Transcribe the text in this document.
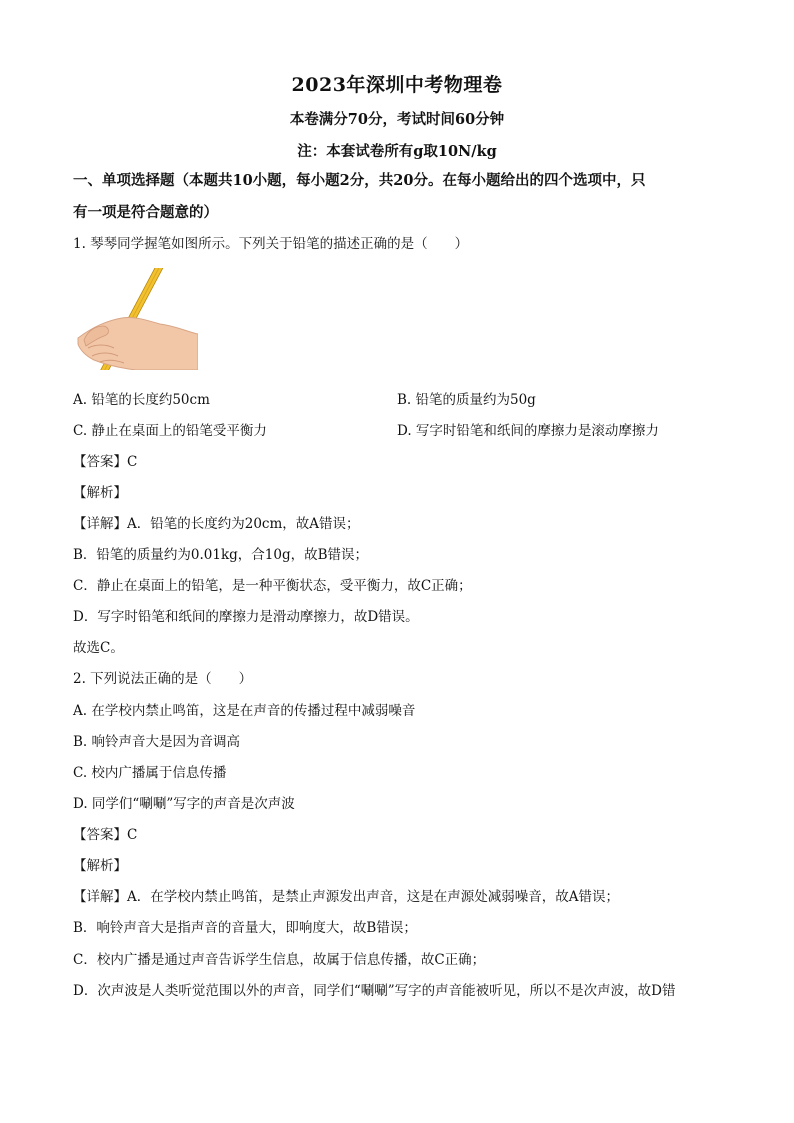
2023年深圳中考物理卷
本卷满分70分，考试时间60分钟
注：本套试卷所有g取10N/kg
一、单项选择题（本题共10小题，每小题2分，共20分。在每小题给出的四个选项中，只
有一项是符合题意的）
1. 琴琴同学握笔如图所示。下列关于铅笔的描述正确的是（　　）
A. 铅笔的长度约50cm	B. 铅笔的质量约为50g
C. 静止在桌面上的铅笔受平衡力	D. 写字时铅笔和纸间的摩擦力是滚动摩擦力
【答案】C
【解析】
【详解】A．铅笔的长度约为20cm，故A错误；
B．铅笔的质量约为0.01kg，合10g，故B错误；
C．静止在桌面上的铅笔，是一种平衡状态，受平衡力，故C正确；
D．写字时铅笔和纸间的摩擦力是滑动摩擦力，故D错误。
故选C。
2. 下列说法正确的是（　　）
A. 在学校内禁止鸣笛，这是在声音的传播过程中减弱噪音
B. 响铃声音大是因为音调高
C. 校内广播属于信息传播
D. 同学们“唰唰”写字的声音是次声波
【答案】C
【解析】
【详解】A．在学校内禁止鸣笛，是禁止声源发出声音，这是在声源处减弱噪音，故A错误；
B．响铃声音大是指声音的音量大，即响度大，故B错误；
C．校内广播是通过声音告诉学生信息，故属于信息传播，故C正确；
D．次声波是人类听觉范围以外的声音，同学们“唰唰”写字的声音能被听见，所以不是次声波，故D错
